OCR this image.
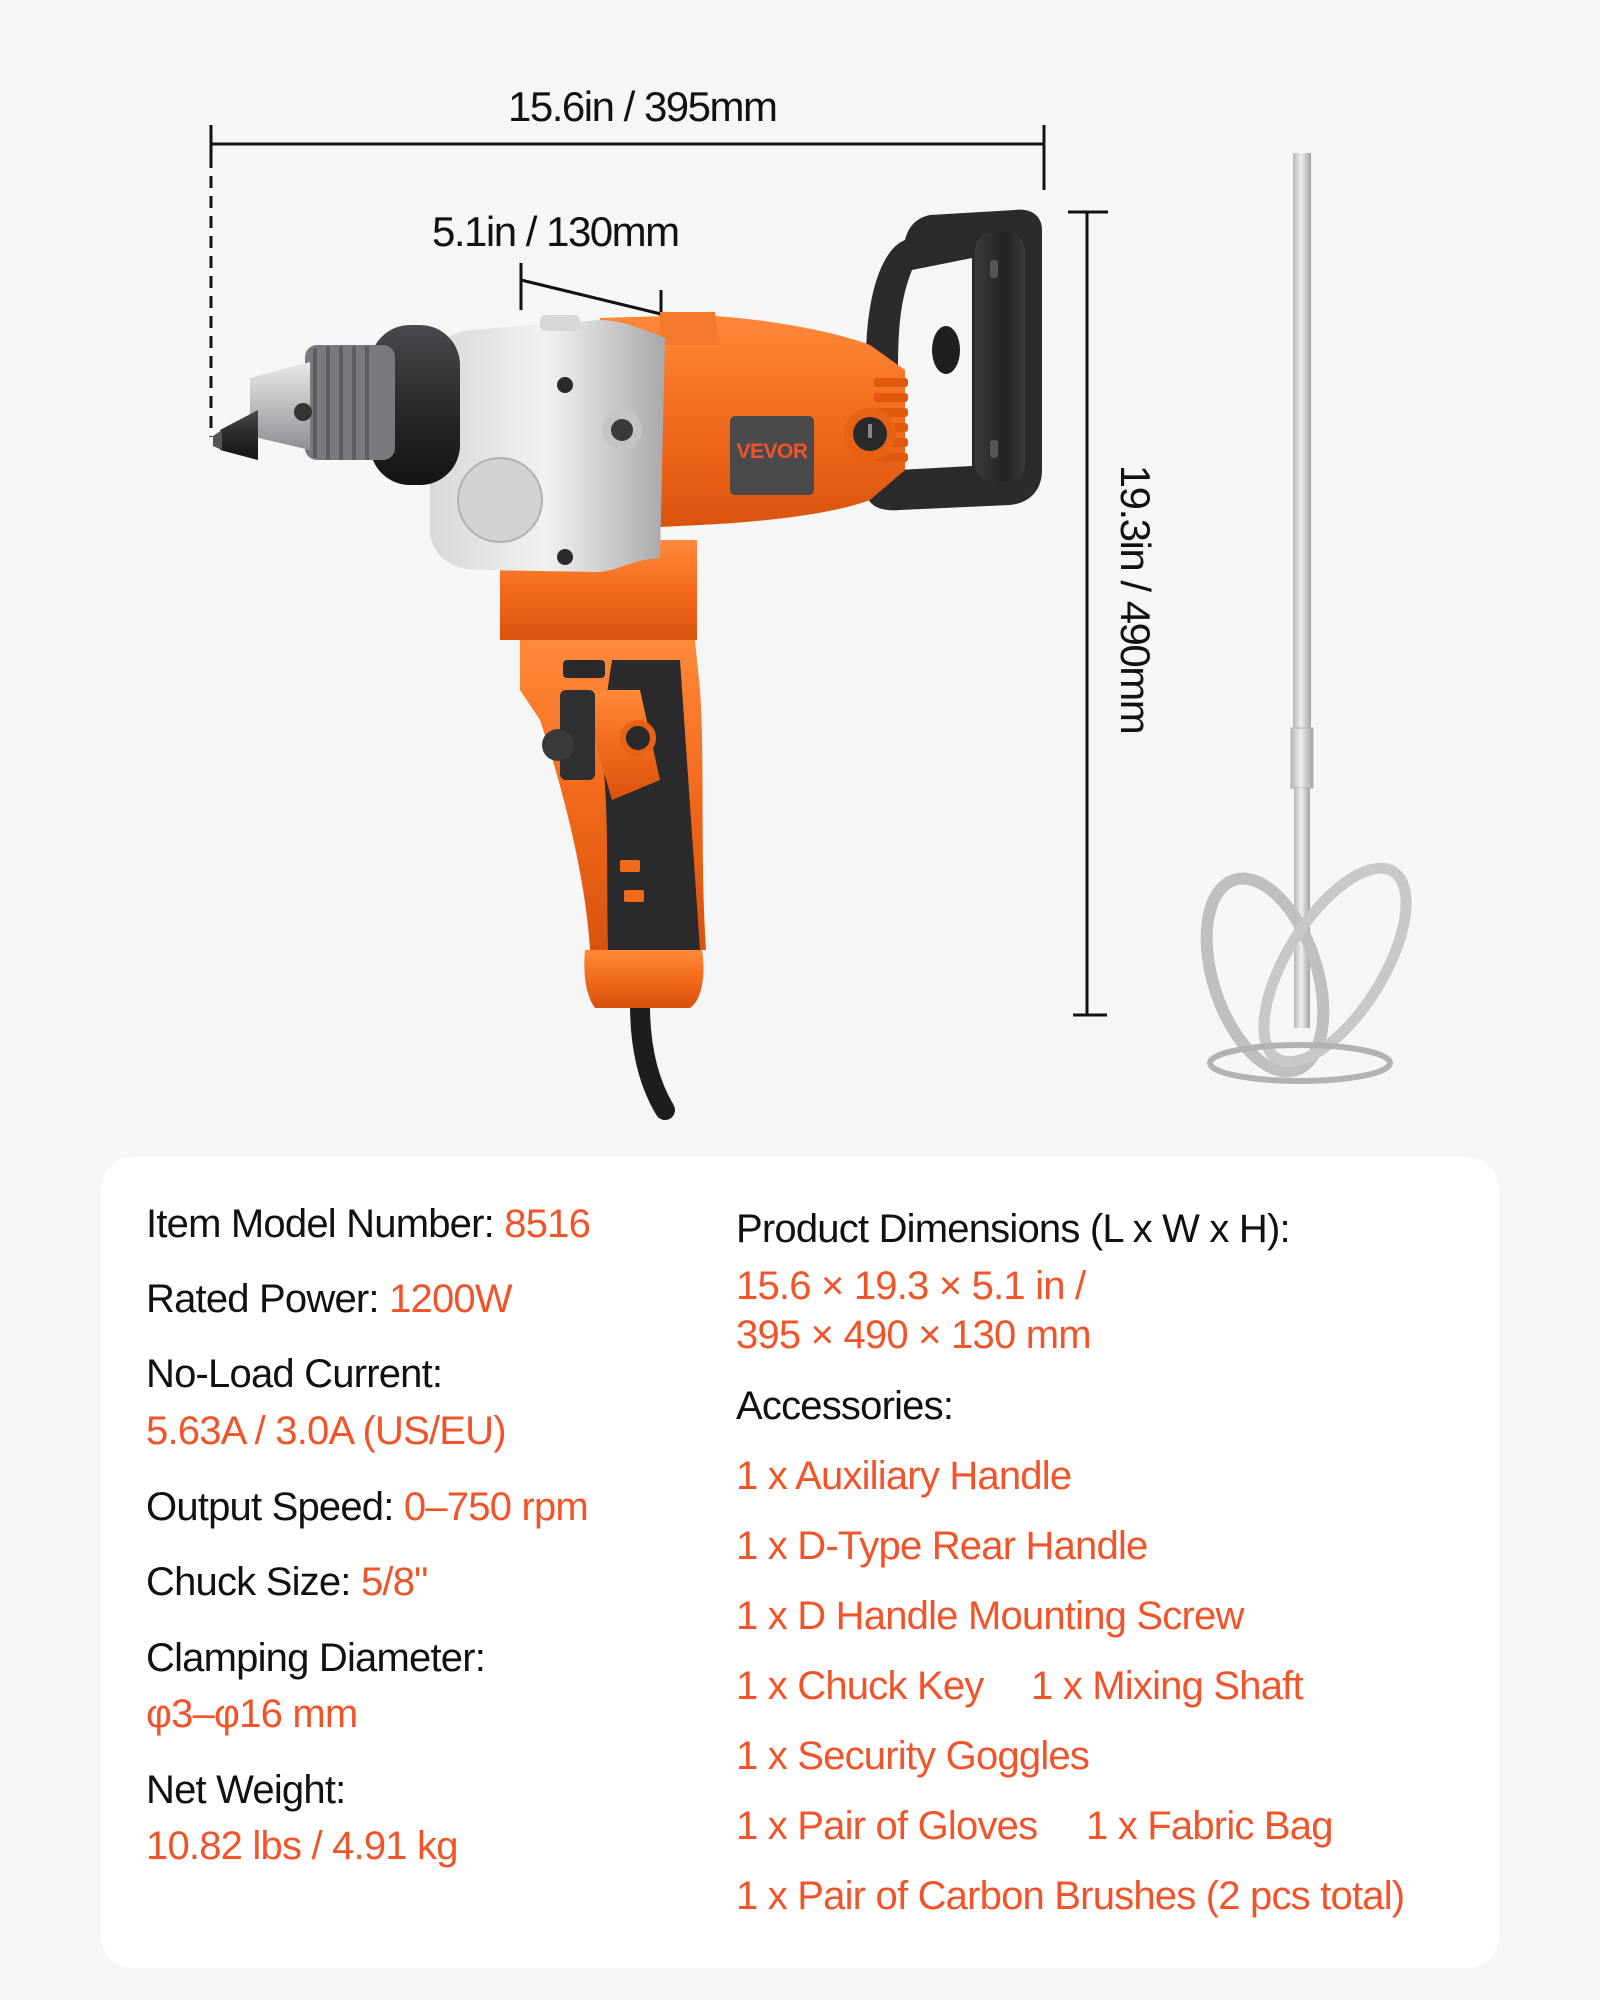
VEVOR
15.6in / 395mm
5.1in / 130mm
19.3in / 490mm
Item Model Number: 8516
Rated Power: 1200W
No-Load Current:
5.63A / 3.0A (US/EU)
Output Speed: 0–750 rpm
Chuck Size: 5/8"
Clamping Diameter:
φ3–φ16 mm
Net Weight:
10.82 lbs / 4.91 kg
Product Dimensions (L x W x H):
15.6 × 19.3 × 5.1 in /
395 × 490 × 130 mm
Accessories:
1 x Auxiliary Handle
1 x D-Type Rear Handle
1 x D Handle Mounting Screw
1 x Chuck Key 1 x Mixing Shaft
1 x Security Goggles
1 x Pair of Gloves 1 x Fabric Bag
1 x Pair of Carbon Brushes (2 pcs total)
